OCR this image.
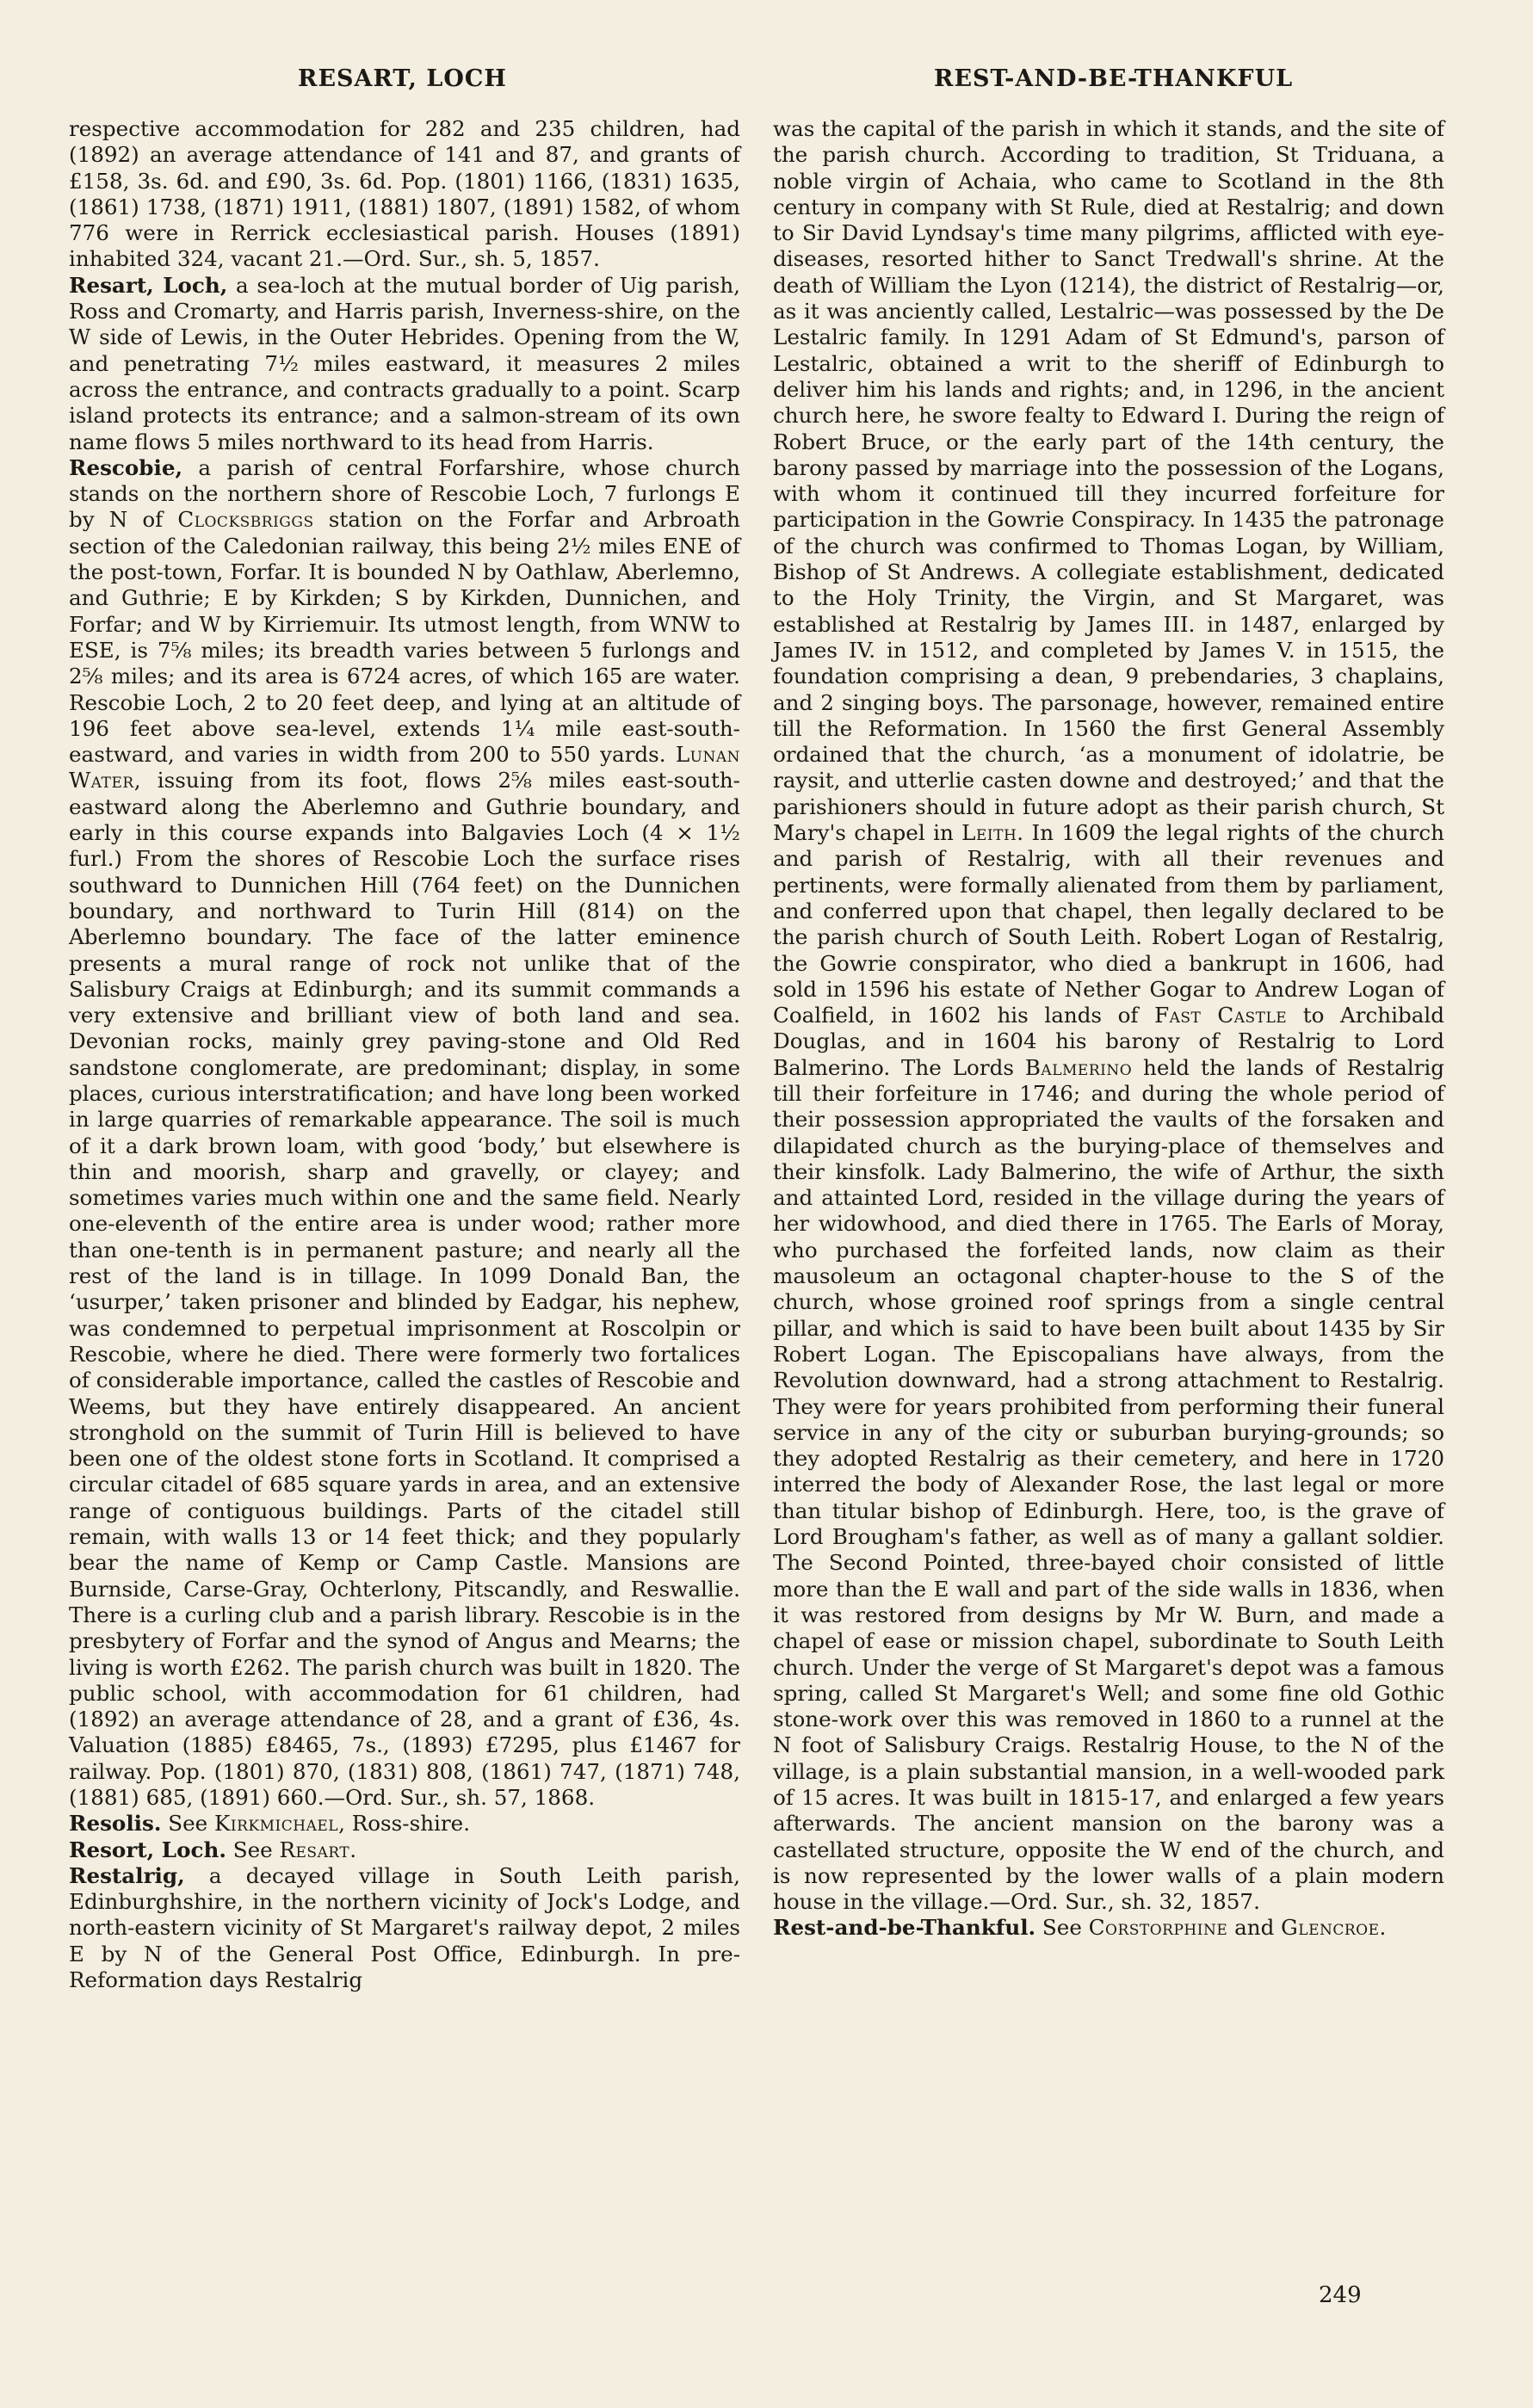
RESART, LOCH	REST-AND-BE-THANKFUL

respective accommodation for 282 and 235 children, had (1892) an average attendance of 141 and 87, and grants of £158, 3s. 6d. and £90, 3s. 6d. Pop. (1801) 1166, (1831) 1635, (1861) 1738, (1871) 1911, (1881) 1807, (1891) 1582, of whom 776 were in Rerrick ecclesiastical parish. Houses (1891) inhabited 324, vacant 21.—Ord. Sur., sh. 5, 1857.

Resart, Loch, a sea-loch at the mutual border of Uig parish, Ross and Cromarty, and Harris parish, Inverness-shire, on the W side of Lewis, in the Outer Hebrides. Opening from the W, and penetrating 7½ miles eastward, it measures 2 miles across the entrance, and contracts gradually to a point. Scarp island protects its entrance; and a salmon-stream of its own name flows 5 miles northward to its head from Harris.

Rescobie, a parish of central Forfarshire, whose church stands on the northern shore of Rescobie Loch, 7 furlongs E by N of Clocksbriggs station on the Forfar and Arbroath section of the Caledonian railway, this being 2½ miles ENE of the post-town, Forfar. It is bounded N by Oathlaw, Aberlemno, and Guthrie; E by Kirkden; S by Kirkden, Dunnichen, and Forfar; and W by Kirriemuir. Its utmost length, from WNW to ESE, is 7⅝ miles; its breadth varies between 5 furlongs and 2⅝ miles; and its area is 6724 acres, of which 165 are water. Rescobie Loch, 2 to 20 feet deep, and lying at an altitude of 196 feet above sea-level, extends 1¼ mile east-south-eastward, and varies in width from 200 to 550 yards. Lunan Water, issuing from its foot, flows 2⅝ miles east-south-eastward along the Aberlemno and Guthrie boundary, and early in this course expands into Balgavies Loch (4 × 1½ furl.) From the shores of Rescobie Loch the surface rises southward to Dunnichen Hill (764 feet) on the Dunnichen boundary, and northward to Turin Hill (814) on the Aberlemno boundary. The face of the latter eminence presents a mural range of rock not unlike that of the Salisbury Craigs at Edinburgh; and its summit commands a very extensive and brilliant view of both land and sea. Devonian rocks, mainly grey paving-stone and Old Red sandstone conglomerate, are predominant; display, in some places, curious interstratification; and have long been worked in large quarries of remarkable appearance. The soil is much of it a dark brown loam, with good ‘body,’ but elsewhere is thin and moorish, sharp and gravelly, or clayey; and sometimes varies much within one and the same field. Nearly one-eleventh of the entire area is under wood; rather more than one-tenth is in permanent pasture; and nearly all the rest of the land is in tillage. In 1099 Donald Ban, the ‘usurper,’ taken prisoner and blinded by Eadgar, his nephew, was condemned to perpetual imprisonment at Roscolpin or Rescobie, where he died. There were formerly two fortalices of considerable importance, called the castles of Rescobie and Weems, but they have entirely disappeared. An ancient stronghold on the summit of Turin Hill is believed to have been one of the oldest stone forts in Scotland. It comprised a circular citadel of 685 square yards in area, and an extensive range of contiguous buildings. Parts of the citadel still remain, with walls 13 or 14 feet thick; and they popularly bear the name of Kemp or Camp Castle. Mansions are Burnside, Carse-Gray, Ochterlony, Pitscandly, and Reswallie. There is a curling club and a parish library. Rescobie is in the presbytery of Forfar and the synod of Angus and Mearns; the living is worth £262. The parish church was built in 1820. The public school, with accommodation for 61 children, had (1892) an average attendance of 28, and a grant of £36, 4s. Valuation (1885) £8465, 7s., (1893) £7295, plus £1467 for railway. Pop. (1801) 870, (1831) 808, (1861) 747, (1871) 748, (1881) 685, (1891) 660.—Ord. Sur., sh. 57, 1868.

Resolis. See Kirkmichael, Ross-shire.

Resort, Loch. See Resart.

Restalrig, a decayed village in South Leith parish, Edinburghshire, in the northern vicinity of Jock's Lodge, and north-eastern vicinity of St Margaret's railway depot, 2 miles E by N of the General Post Office, Edinburgh. In pre-Reformation days Restalrig

was the capital of the parish in which it stands, and the site of the parish church. According to tradition, St Triduana, a noble virgin of Achaia, who came to Scotland in the 8th century in company with St Rule, died at Restalrig; and down to Sir David Lyndsay's time many pilgrims, afflicted with eye-diseases, resorted hither to Sanct Tredwall's shrine. At the death of William the Lyon (1214), the district of Restalrig—or, as it was anciently called, Lestalric—was possessed by the De Lestalric family. In 1291 Adam of St Edmund's, parson of Lestalric, obtained a writ to the sheriff of Edinburgh to deliver him his lands and rights; and, in 1296, in the ancient church here, he swore fealty to Edward I. During the reign of Robert Bruce, or the early part of the 14th century, the barony passed by marriage into the possession of the Logans, with whom it continued till they incurred forfeiture for participation in the Gowrie Conspiracy. In 1435 the patronage of the church was confirmed to Thomas Logan, by William, Bishop of St Andrews. A collegiate establishment, dedicated to the Holy Trinity, the Virgin, and St Margaret, was established at Restalrig by James III. in 1487, enlarged by James IV. in 1512, and completed by James V. in 1515, the foundation comprising a dean, 9 prebendaries, 3 chaplains, and 2 singing boys. The parsonage, however, remained entire till the Reformation. In 1560 the first General Assembly ordained that the church, ‘as a monument of idolatrie, be raysit, and utterlie casten downe and destroyed;’ and that the parishioners should in future adopt as their parish church, St Mary's chapel in Leith. In 1609 the legal rights of the church and parish of Restalrig, with all their revenues and pertinents, were formally alienated from them by parliament, and conferred upon that chapel, then legally declared to be the parish church of South Leith. Robert Logan of Restalrig, the Gowrie conspirator, who died a bankrupt in 1606, had sold in 1596 his estate of Nether Gogar to Andrew Logan of Coalfield, in 1602 his lands of Fast Castle to Archibald Douglas, and in 1604 his barony of Restalrig to Lord Balmerino. The Lords Balmerino held the lands of Restalrig till their forfeiture in 1746; and during the whole period of their possession appropriated the vaults of the forsaken and dilapidated church as the burying-place of themselves and their kinsfolk. Lady Balmerino, the wife of Arthur, the sixth and attainted Lord, resided in the village during the years of her widowhood, and died there in 1765. The Earls of Moray, who purchased the forfeited lands, now claim as their mausoleum an octagonal chapter-house to the S of the church, whose groined roof springs from a single central pillar, and which is said to have been built about 1435 by Sir Robert Logan. The Episcopalians have always, from the Revolution downward, had a strong attachment to Restalrig. They were for years prohibited from performing their funeral service in any of the city or suburban burying-grounds; so they adopted Restalrig as their cemetery, and here in 1720 interred the body of Alexander Rose, the last legal or more than titular bishop of Edinburgh. Here, too, is the grave of Lord Brougham's father, as well as of many a gallant soldier. The Second Pointed, three-bayed choir consisted of little more than the E wall and part of the side walls in 1836, when it was restored from designs by Mr W. Burn, and made a chapel of ease or mission chapel, subordinate to South Leith church. Under the verge of St Margaret's depot was a famous spring, called St Margaret's Well; and some fine old Gothic stone-work over this was removed in 1860 to a runnel at the N foot of Salisbury Craigs. Restalrig House, to the N of the village, is a plain substantial mansion, in a well-wooded park of 15 acres. It was built in 1815-17, and enlarged a few years afterwards. The ancient mansion on the barony was a castellated structure, opposite the W end of the church, and is now represented by the lower walls of a plain modern house in the village.—Ord. Sur., sh. 32, 1857.

Rest-and-be-Thankful. See Corstorphine and Glencroe.

249
